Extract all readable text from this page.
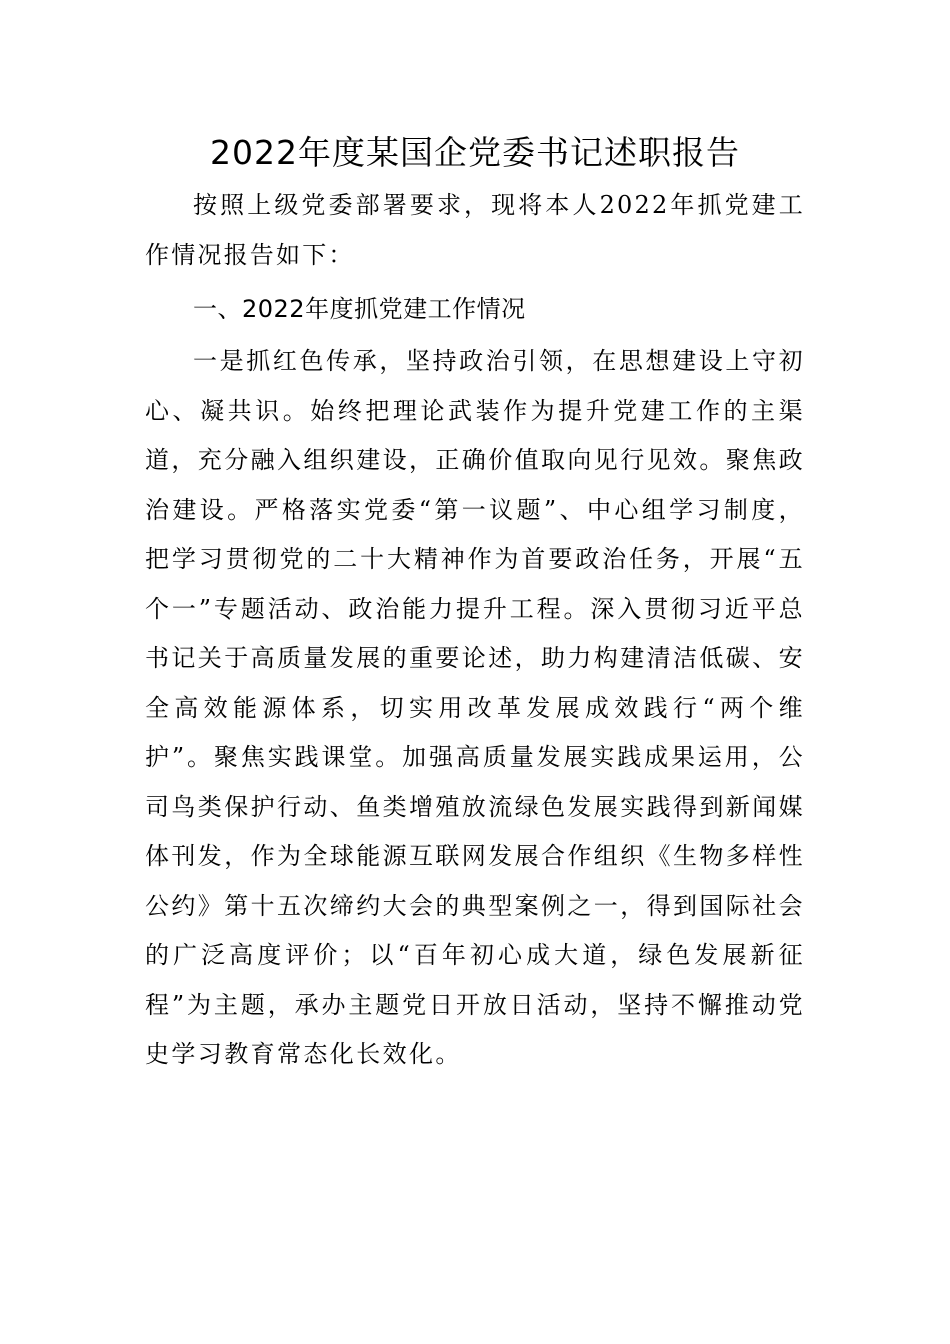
2022年度某国企党委书记述职报告

按照上级党委部署要求，现将本人2022年抓党建工作情况报告如下：

一、2022年度抓党建工作情况

一是抓红色传承，坚持政治引领，在思想建设上守初心、凝共识。始终把理论武装作为提升党建工作的主渠道，充分融入组织建设，正确价值取向见行见效。聚焦政治建设。严格落实党委“第一议题”、中心组学习制度，把学习贯彻党的二十大精神作为首要政治任务，开展“五个一”专题活动、政治能力提升工程。深入贯彻习近平总书记关于高质量发展的重要论述，助力构建清洁低碳、安全高效能源体系，切实用改革发展成效践行“两个维护”。聚焦实践课堂。加强高质量发展实践成果运用，公司鸟类保护行动、鱼类增殖放流绿色发展实践得到新闻媒体刊发，作为全球能源互联网发展合作组织《生物多样性公约》第十五次缔约大会的典型案例之一，得到国际社会的广泛高度评价；以“百年初心成大道，绿色发展新征程”为主题，承办主题党日开放日活动，坚持不懈推动党史学习教育常态化长效化。
